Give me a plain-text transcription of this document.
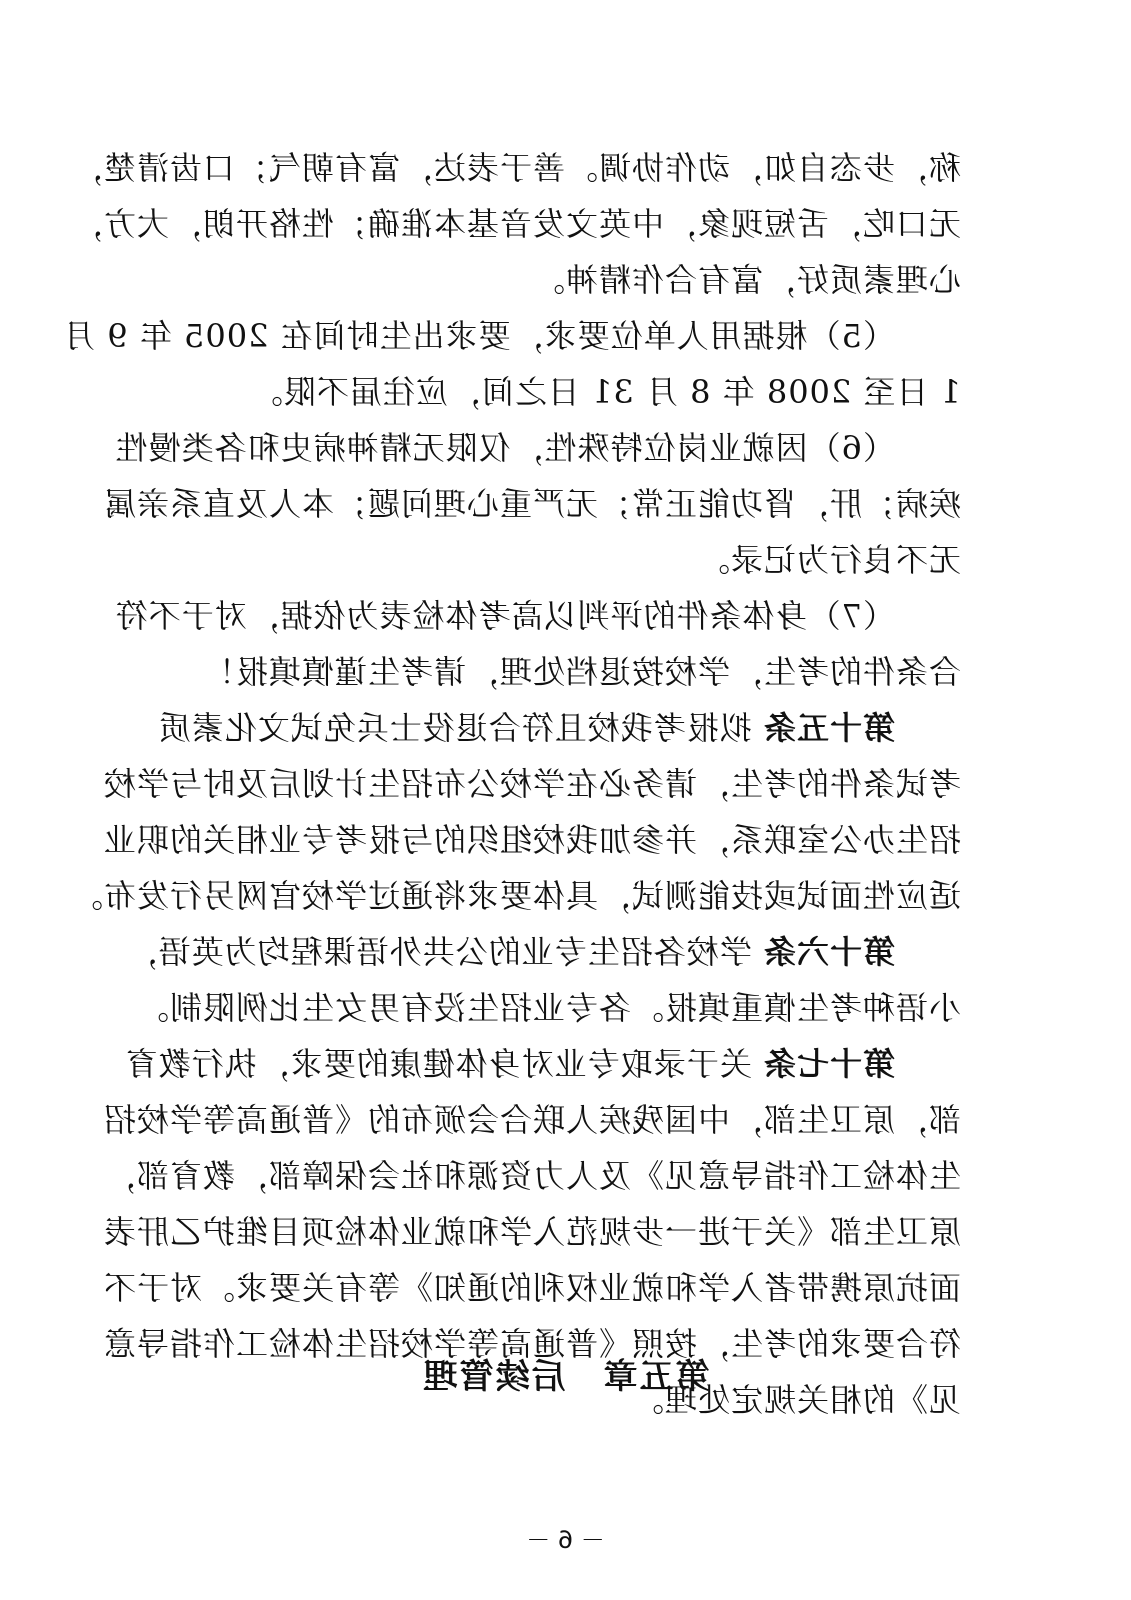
称，步态自如，动作协调。善于表达，富有朝气；口齿清楚，
无口吃，舌短现象，中英文发音基本准确；性格开朗，大方，
心理素质好，富有合作精神。
（5）根据用人单位要求，要求出生时间在 2005 年 9 月
1 日至 2008 年 8 月 31 日之间，应往届不限。
（6）因就业岗位特殊性，仅限无精神病史和各类慢性
疾病；肝，肾功能正常；无严重心理问题；本人及直系亲属
无不良行为记录。
（7）身体条件的评判以高考体检表为依据，对于不符
合条件的考生，学校按退档处理，请考生谨慎填报！
第十五条 拟报考我校且符合退役士兵免试文化素质
考试条件的考生，请务必在学校公布招生计划后及时与学校
招生办公室联系，并参加我校组织的与报考专业相关的职业
适应性面试或技能测试，具体要求将通过学校官网另行发布。
第十六条 学校各招生专业的公共外语课程均为英语，
小语种考生慎重填报。各专业招生没有男女生比例限制。
第十七条 关于录取专业对身体健康的要求，执行教育
部，原卫生部，中国残疾人联合会颁布的《普通高等学校招
生体检工作指导意见》及人力资源和社会保障部，教育部，
原卫生部《关于进一步规范入学和就业体检项目维护乙肝表
面抗原携带者入学和就业权利的通知》等有关要求。对于不
符合要求的考生，按照《普通高等学校招生体检工作指导意
见》的相关规定处理。
第五章　后续管理
－ 6 －
